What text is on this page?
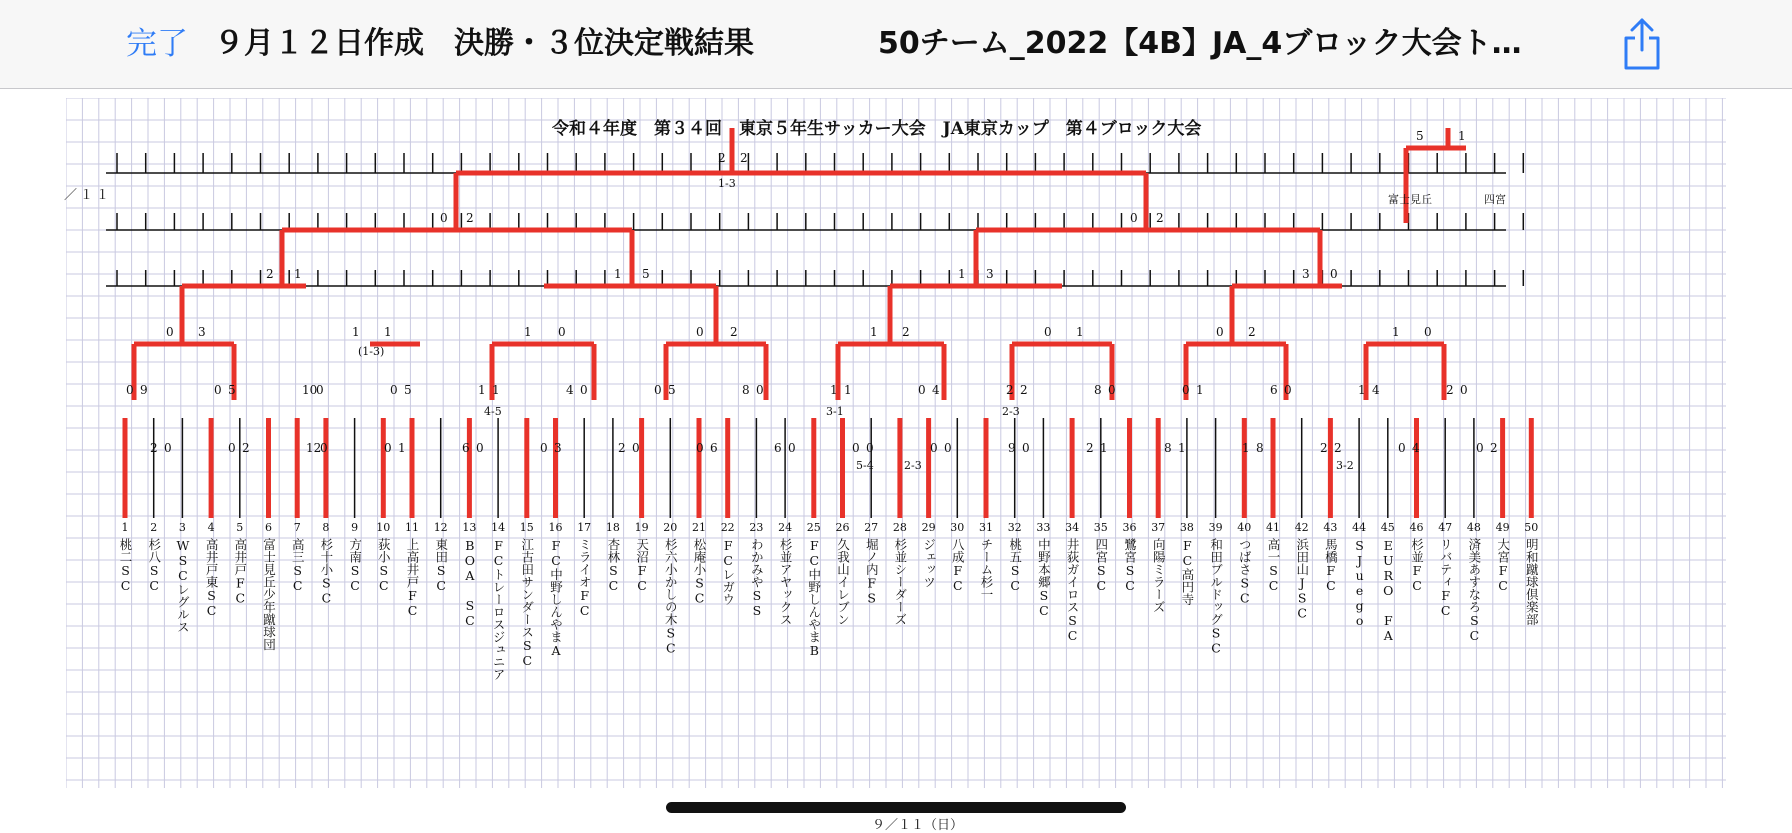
完了 ９月１２日作成　決勝・３位決定戦結果	50チーム_2022【4B】JA_4ブロック大会ト…
令和４年度　第３４回　東京５年生サッカー大会　JA東京カップ　第４ブロック大会
／１１
９／１１（日）
1
桃二SC
2
杉八SC
3
WSCレグルス
4
高井戸東SC
5
高井戸FC
6
富士見丘少年蹴球団
7
高三SC
8
杉十小SC
9
方南SC
10
荻小SC
11
上高井戸FC
12
東田SC
13
BOA SC
14
FCトレーロスジュニア
15
江古田サンダースSC
16
FC中野しんやまA
17
ミライオFC
18
杏林SC
19
天沼FC
20
杉六小かしの木SC
21
松庵小SC
22
FCレガウ
23
わかみやSS
24
杉並アヤックス
25
FC中野しんやまB
26
久我山イレブン
27
堀ノ内FS
28
杉並シーダーズ
29
ジェッツ
30
八成FC
31
チーム杉一
32
桃五SC
33
中野本郷SC
34
井荻ガイロスSC
35
四宮SC
36
鷺宮SC
37
向陽ミラーズ
38
FC高円寺
39
和田ブルドッグSC
40
つばさSC
41
高一SC
42
浜田山JSC
43
馬橋FC
44
SJuego
45
EURO FA
46
杉並FC
47
リバティFC
48
済美あすなろSC
49
大宮FC
50
明和蹴球倶楽部
2 2
1-3
0 2	0 2
2 1	1 5	1 3	3 0
0 3	1 1	1 0	0 2	1 2	0 1	0 2	1 0
(1-3)
5	1
富士見丘	四宮
0 9	0 5	10
0	0 5	1 1	4 0	0 5	8 0	1 1	0 4	2 2	8 0	0 1	6 0	1 4	2 0
4-5	3-1	2-3
2 0	0 2	12
0	0 1	6 0	0 3	2 0	0 6	6 0	0 0	0 0	9 0	2 1	8 1	1 8	2 2	0 4	0 2
5-4	2-3	3-2
